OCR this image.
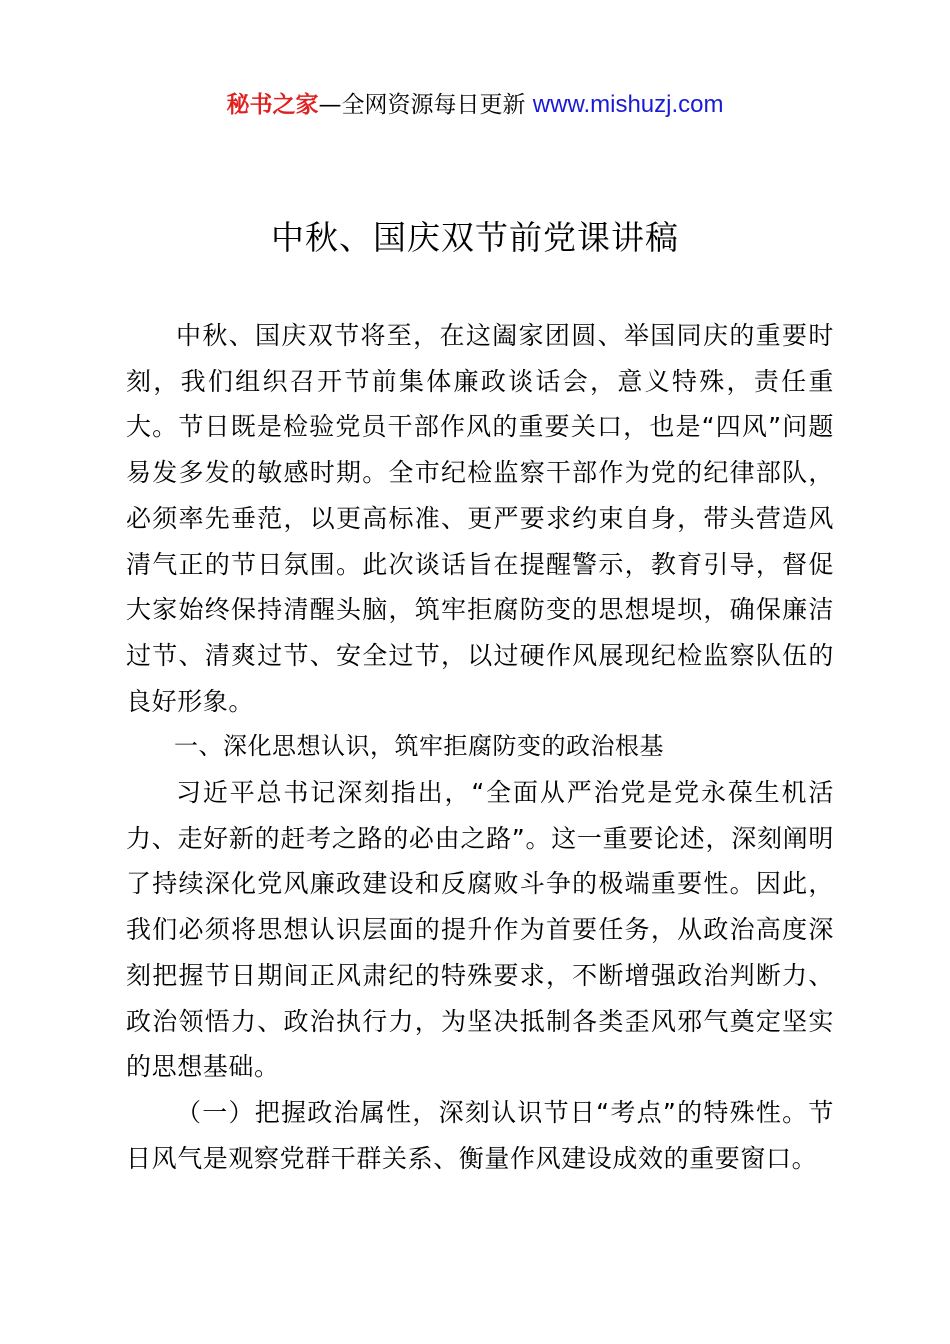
秘书之家—全网资源每日更新 www.mishuzj.com
中秋、国庆双节前党课讲稿

中秋、国庆双节将至，在这阖家团圆、举国同庆的重要时刻，我们组织召开节前集体廉政谈话会，意义特殊，责任重大。节日既是检验党员干部作风的重要关口，也是“四风”问题易发多发的敏感时期。全市纪检监察干部作为党的纪律部队，必须率先垂范，以更高标准、更严要求约束自身，带头营造风清气正的节日氛围。此次谈话旨在提醒警示，教育引导，督促大家始终保持清醒头脑，筑牢拒腐防变的思想堤坝，确保廉洁过节、清爽过节、安全过节，以过硬作风展现纪检监察队伍的良好形象。

一、深化思想认识，筑牢拒腐防变的政治根基

习近平总书记深刻指出，“全面从严治党是党永葆生机活力、走好新的赶考之路的必由之路”。这一重要论述，深刻阐明了持续深化党风廉政建设和反腐败斗争的极端重要性。因此，我们必须将思想认识层面的提升作为首要任务，从政治高度深刻把握节日期间正风肃纪的特殊要求，不断增强政治判断力、政治领悟力、政治执行力，为坚决抵制各类歪风邪气奠定坚实的思想基础。

（一）把握政治属性，深刻认识节日“考点”的特殊性。节日风气是观察党群干群关系、衡量作风建设成效的重要窗口。
